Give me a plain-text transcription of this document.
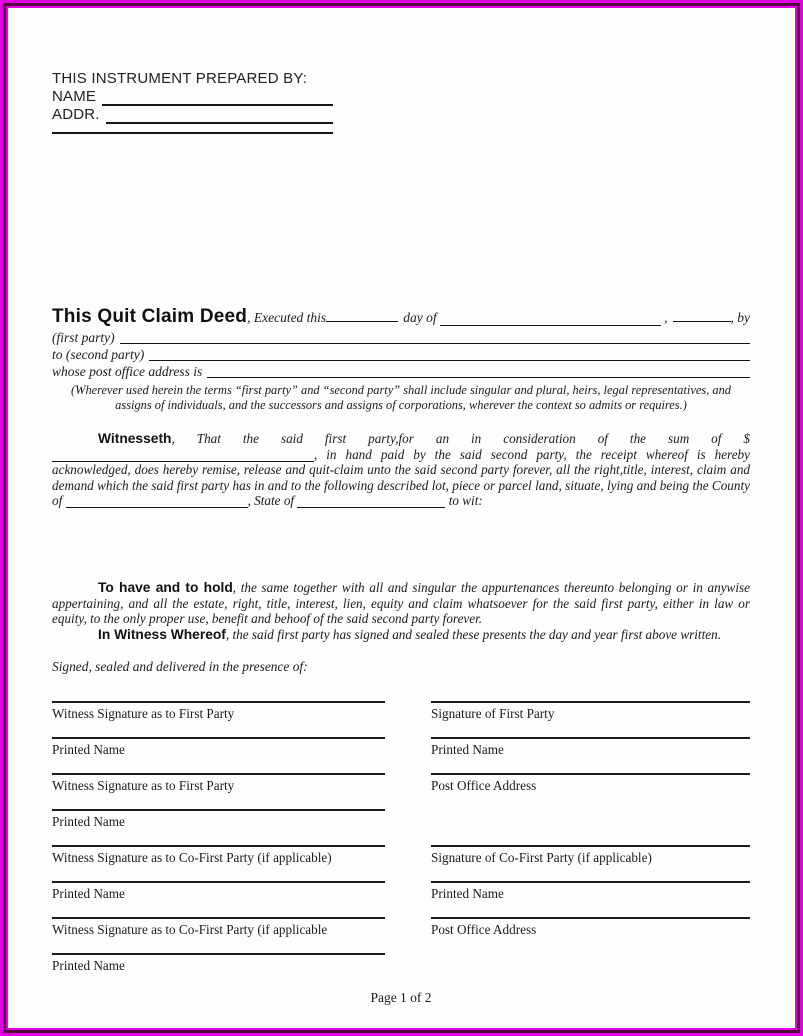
THIS INSTRUMENT PREPARED BY:
NAME
ADDR.
This Quit Claim Deed , Executed this	day of	,	, by
(first party)
to (second party)
whose post office address is
(Wherever used herein the terms “first party” and “second party” shall include singular and plural, heirs, legal representatives, and assigns of individuals, and the successors and assigns of corporations, wherever the context so admits or requires.)
Witnesseth, That the said first party,for an in consideration of the sum of $, in hand paid by the said second party, the receipt whereof is hereby acknowledged, does hereby remise, release and quit-claim unto the said second party forever, all the right,title, interest, claim and demand which the said first party has in and to the following described lot, piece or parcel land, situate, lying and being the County of	, State of	to wit:
To have and to hold, the same together with all and singular the appurtenances thereunto belonging or in anywise appertaining, and all the estate, right, title, interest, lien, equity and claim whatsoever for the said first party, either in law or equity, to the only proper use, benefit and behoof of the said second party forever.
In Witness Whereof, the said first party has signed and sealed these presents the day and year first above written.
Signed, sealed and delivered in the presence of:
Witness Signature as to First Party	Signature of First Party
Printed Name	Printed Name
Witness Signature as to First Party	Post Office Address
Printed Name
Witness Signature as to Co-First Party (if applicable)	Signature of Co-First Party (if applicable)
Printed Name	Printed Name
Witness Signature as to Co-First Party (if applicable	Post Office Address
Printed Name
Page 1 of 2
